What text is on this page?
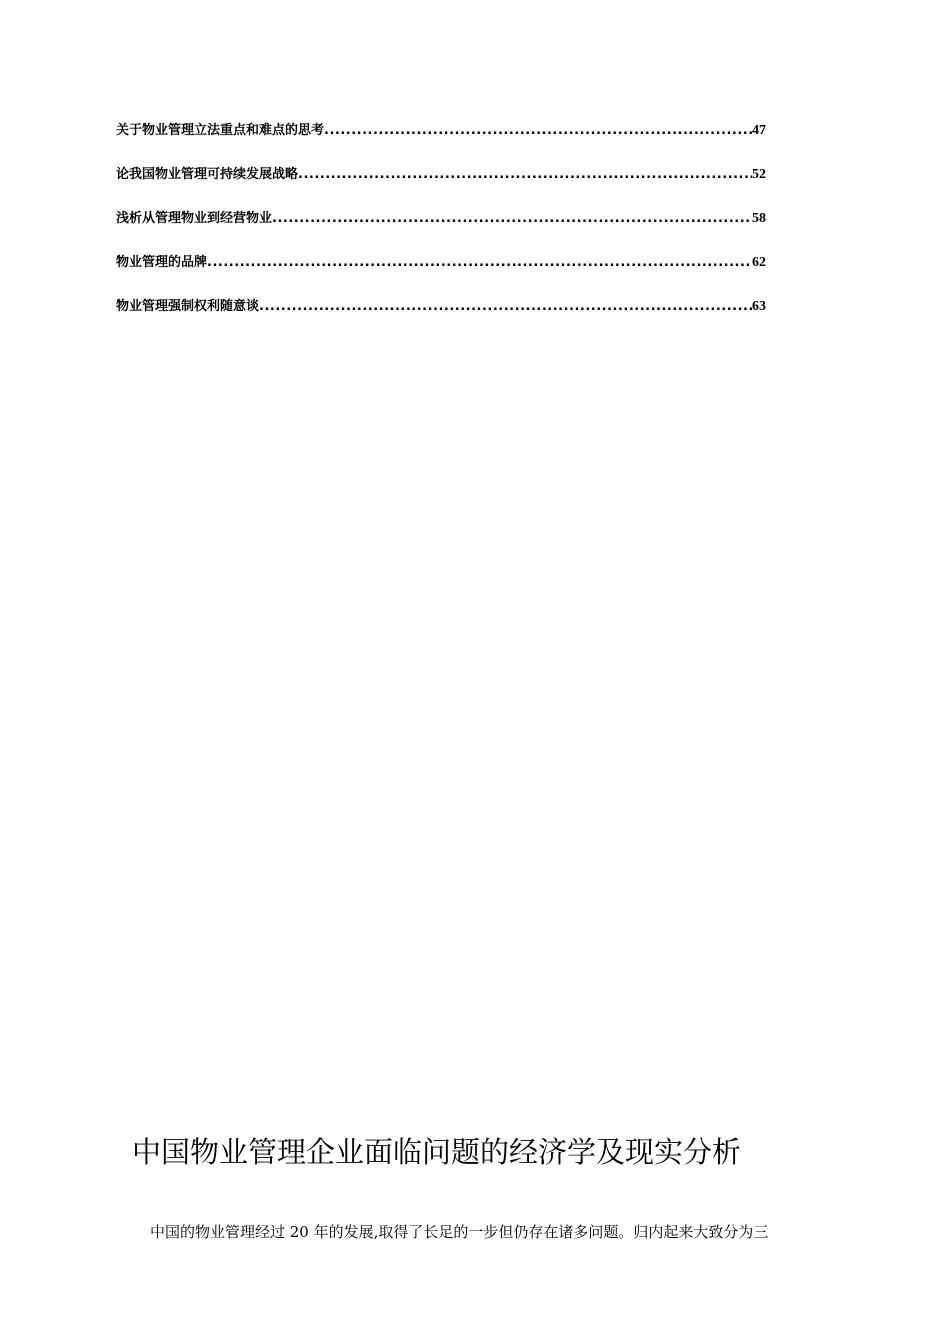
关于物业管理立法重点和难点的思考 .....	47
论我国物业管理可持续发展战略 .....	52
浅析从管理物业到经营物业 .....	58
物业管理的品牌 .....	62
物业管理强制权利随意谈 .....	63
中国物业管理企业面临问题的经济学及现实分析

中国的物业管理经过 20 年的发展,取得了长足的一步但仍存在诸多问题。归内起来大致分为三
